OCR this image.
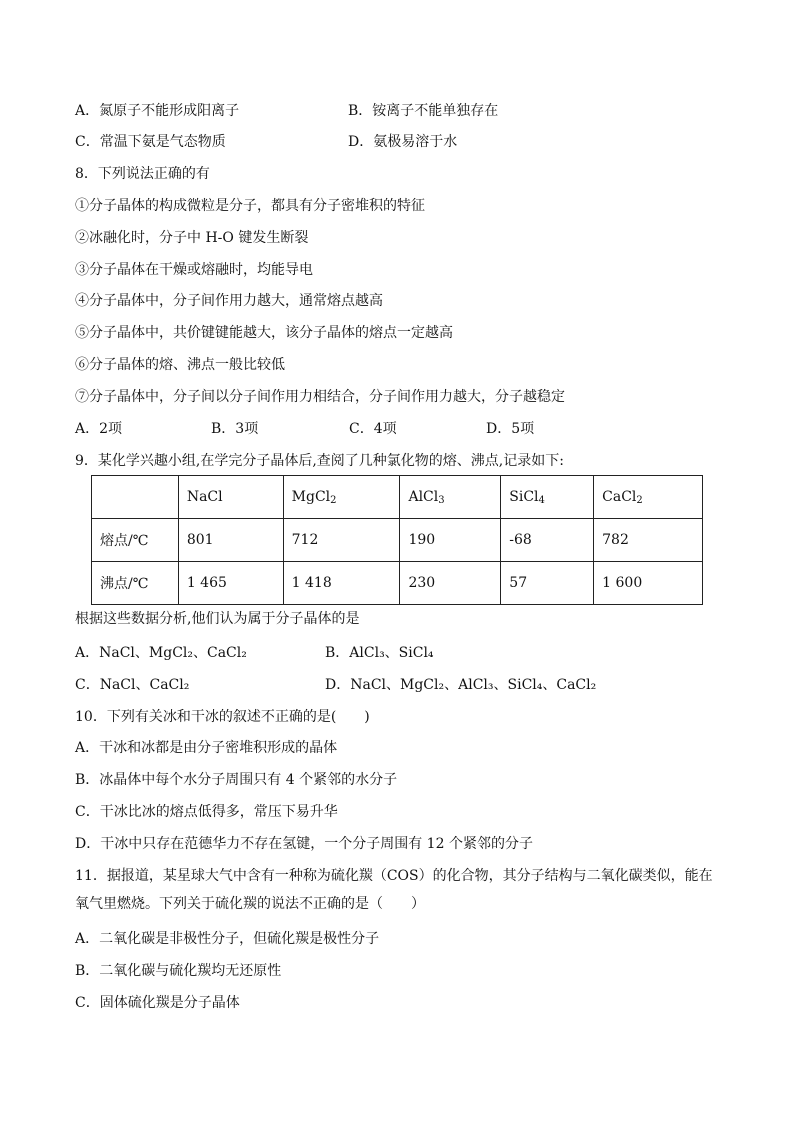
A．氮原子不能形成阳离子	B．铵离子不能单独存在
C．常温下氨是气态物质	D．氨极易溶于水
8．下列说法正确的有
①分子晶体的构成微粒是分子，都具有分子密堆积的特征
②冰融化时，分子中 H-O 键发生断裂
③分子晶体在干燥或熔融时，均能导电
④分子晶体中，分子间作用力越大，通常熔点越高
⑤分子晶体中，共价键键能越大，该分子晶体的熔点一定越高
⑥分子晶体的熔、沸点一般比较低
⑦分子晶体中，分子间以分子间作用力相结合，分子间作用力越大，分子越稳定
A．2项	B．3项	C．4项	D．5项
9．某化学兴趣小组,在学完分子晶体后,查阅了几种氯化物的熔、沸点,记录如下:
	NaCl	MgCl$_2$	AlCl$_3$	SiCl$_4$	CaCl$_2$
熔点/℃	801	712	190	-68	782
沸点/℃	1 465	1 418	230	57	1 600
根据这些数据分析,他们认为属于分子晶体的是
A．NaCl、MgCl₂、CaCl₂	B．AlCl₃、SiCl₄
C．NaCl、CaCl₂	D．NaCl、MgCl₂、AlCl₃、SiCl₄、CaCl₂
10．下列有关冰和干冰的叙述不正确的是(　　)
A．干冰和冰都是由分子密堆积形成的晶体
B．冰晶体中每个水分子周围只有 4 个紧邻的水分子
C．干冰比冰的熔点低得多，常压下易升华
D．干冰中只存在范德华力不存在氢键，一个分子周围有 12 个紧邻的分子
11．据报道，某星球大气中含有一种称为硫化羰（COS）的化合物，其分子结构与二氧化碳类似，能在氧气里燃烧。下列关于硫化羰的说法不正确的是（　　）
A．二氧化碳是非极性分子，但硫化羰是极性分子
B．二氧化碳与硫化羰均无还原性
C．固体硫化羰是分子晶体
